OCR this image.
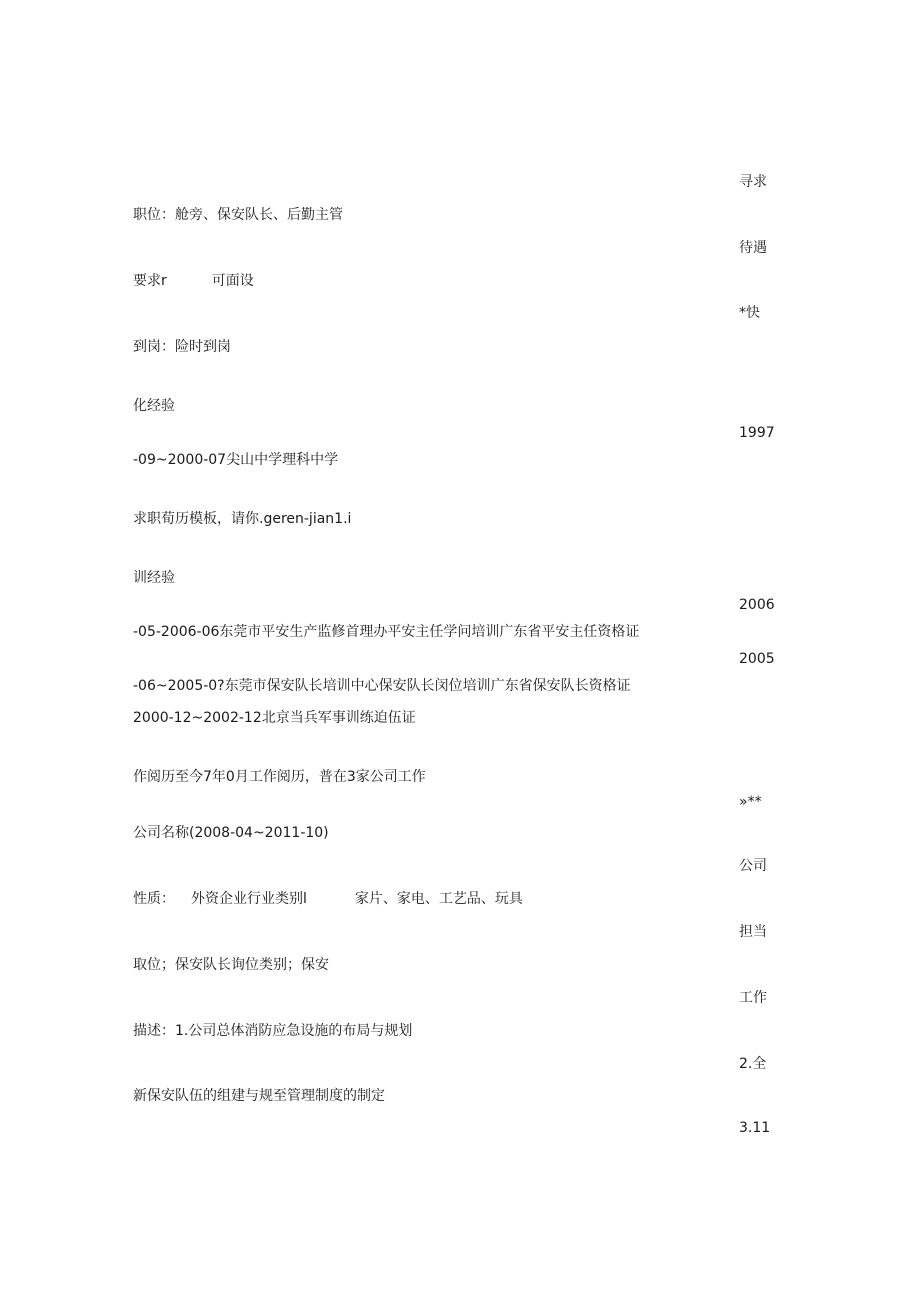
寻求
待遇
*快
1997
2006
2005
»**
公司
担当
工作
2.全
3.11
职位：舱旁、保安队长、后勤主管
要求r	可面设
到岗：险时到岗
化经验
-09~2000-07尖山中学理科中学
求职荀历模板，请你.geren-jian1.i
训经验
-05-2006-06东莞市平安生产监修首理办平安主任学问培训广东省平安主任资格证
-06~2005-0?东莞市保安队长培训中心保安队长闵位培训广东省保安队长资格证
2000-12~2002-12北京当兵军事训练迫伍证
作阅历至今7年0月工作阅历，普在3家公司工作
公司名称(2008-04~2011-10)
性质： 外资企业行业类别l	家片、家电、工艺品、玩具
取位；保安队长询位类别；保安
描述：1.公司总体消防应急设施的布局与规划
新保安队伍的组建与规至管理制度的制定
